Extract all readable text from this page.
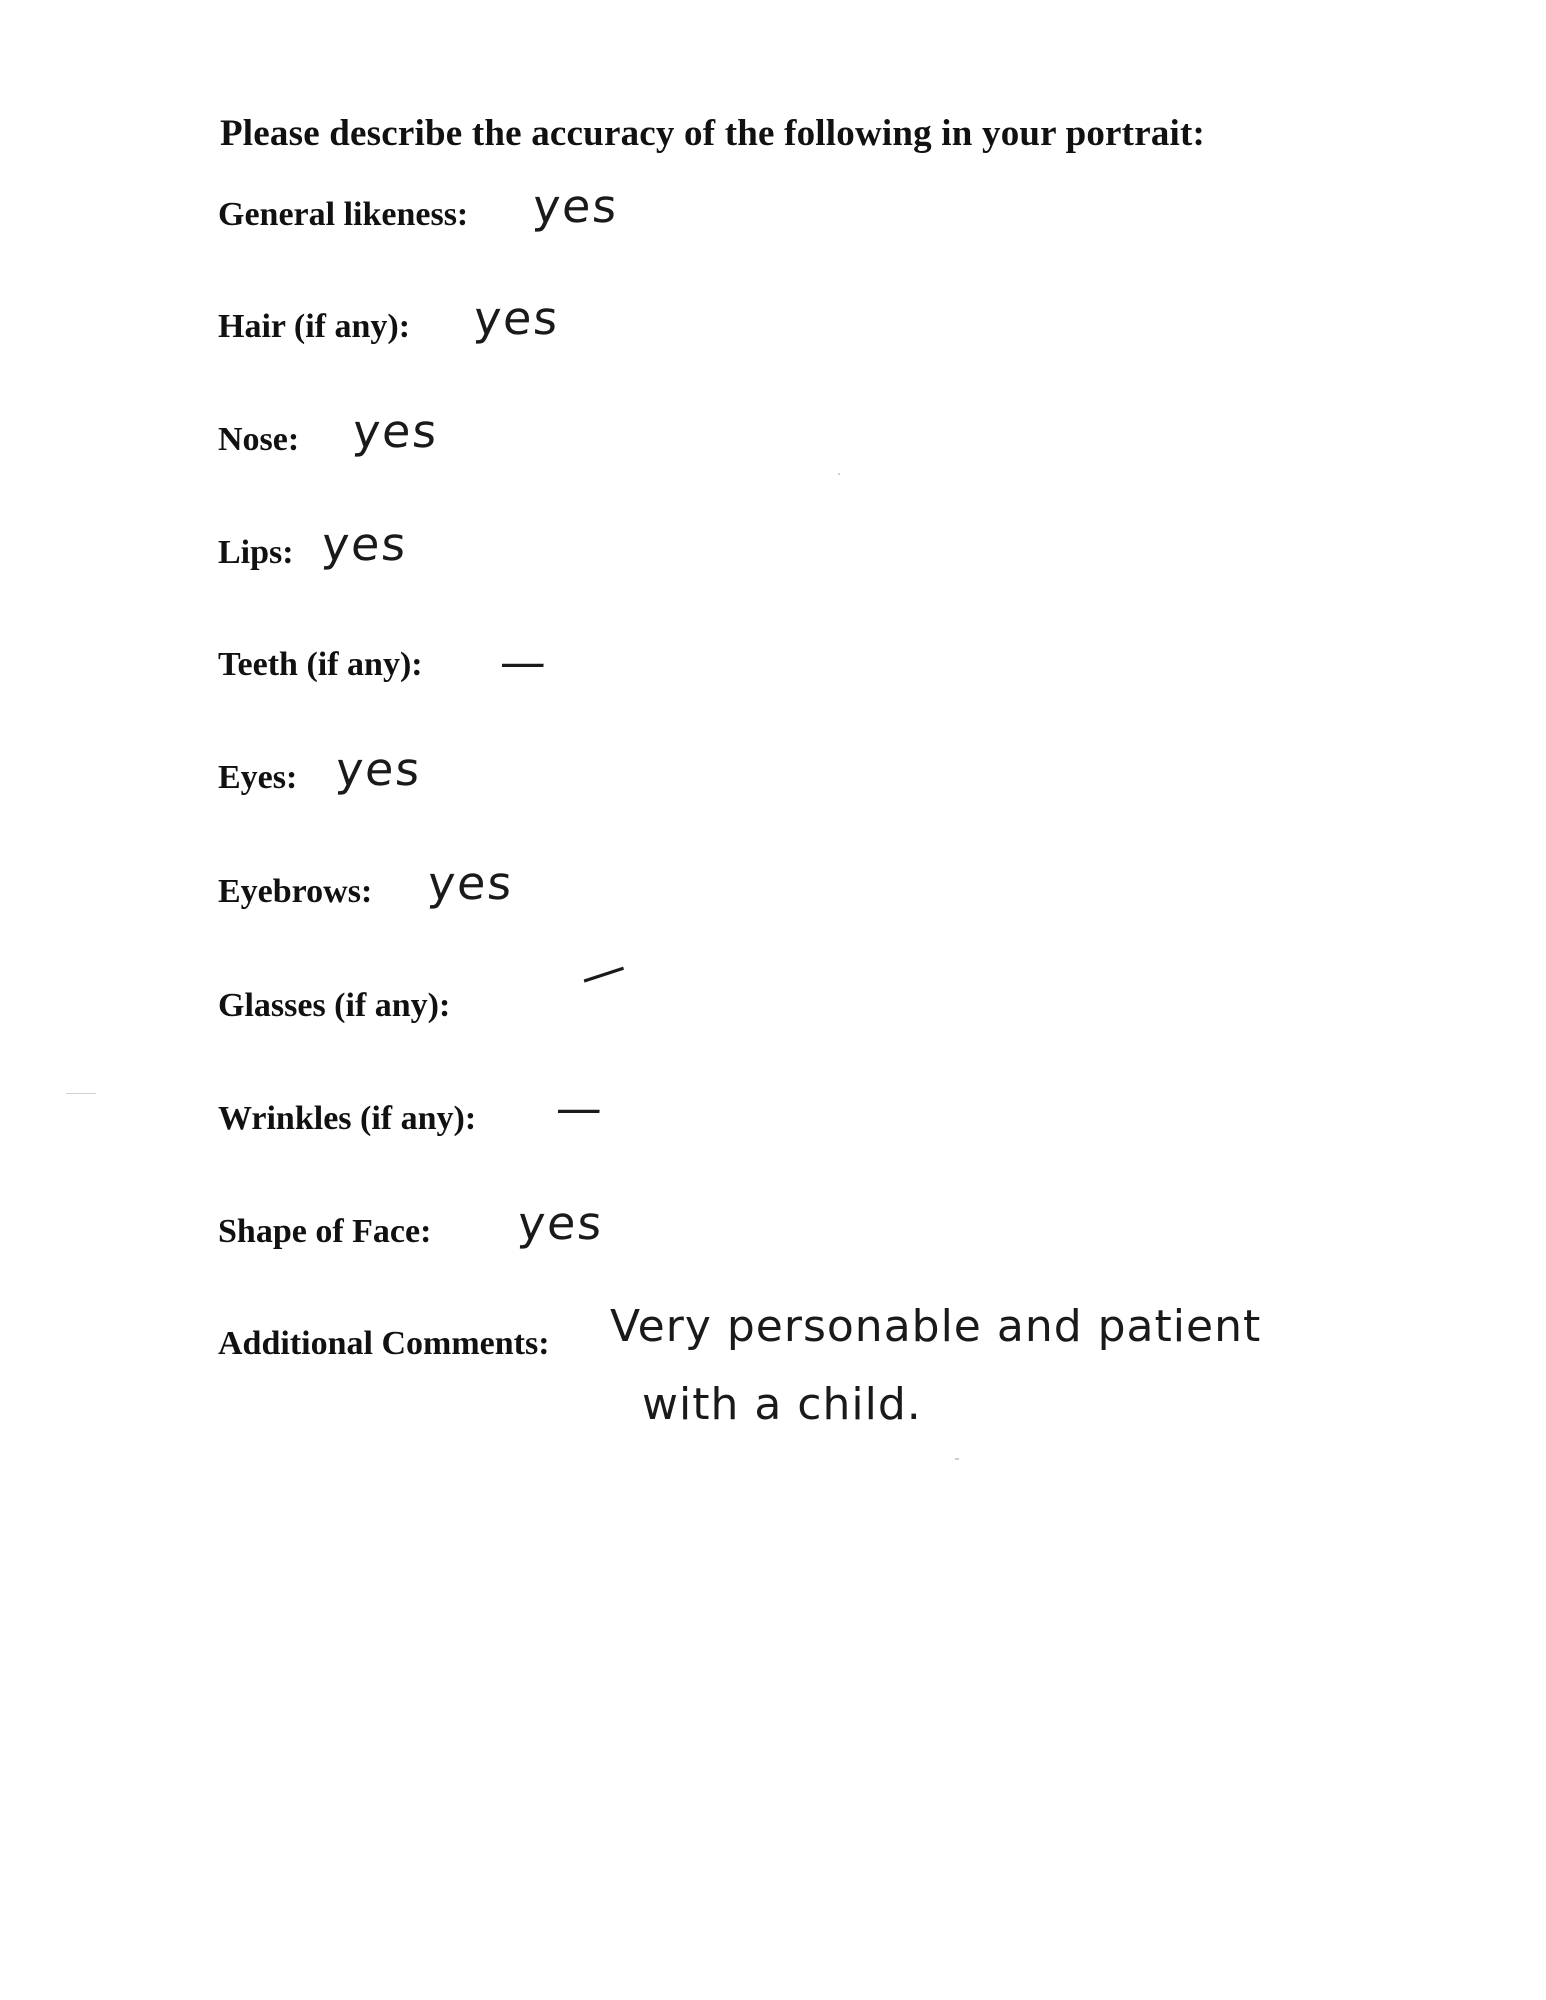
Please describe the accuracy of the following in your portrait:
General likeness: yes
Hair (if any): yes
Nose: yes
Lips: yes
Teeth (if any): —
Eyes: yes
Eyebrows: yes
Glasses (if any):
—
Wrinkles (if any): —
Shape of Face: yes
Additional Comments: Very personable and patient
with a child.
